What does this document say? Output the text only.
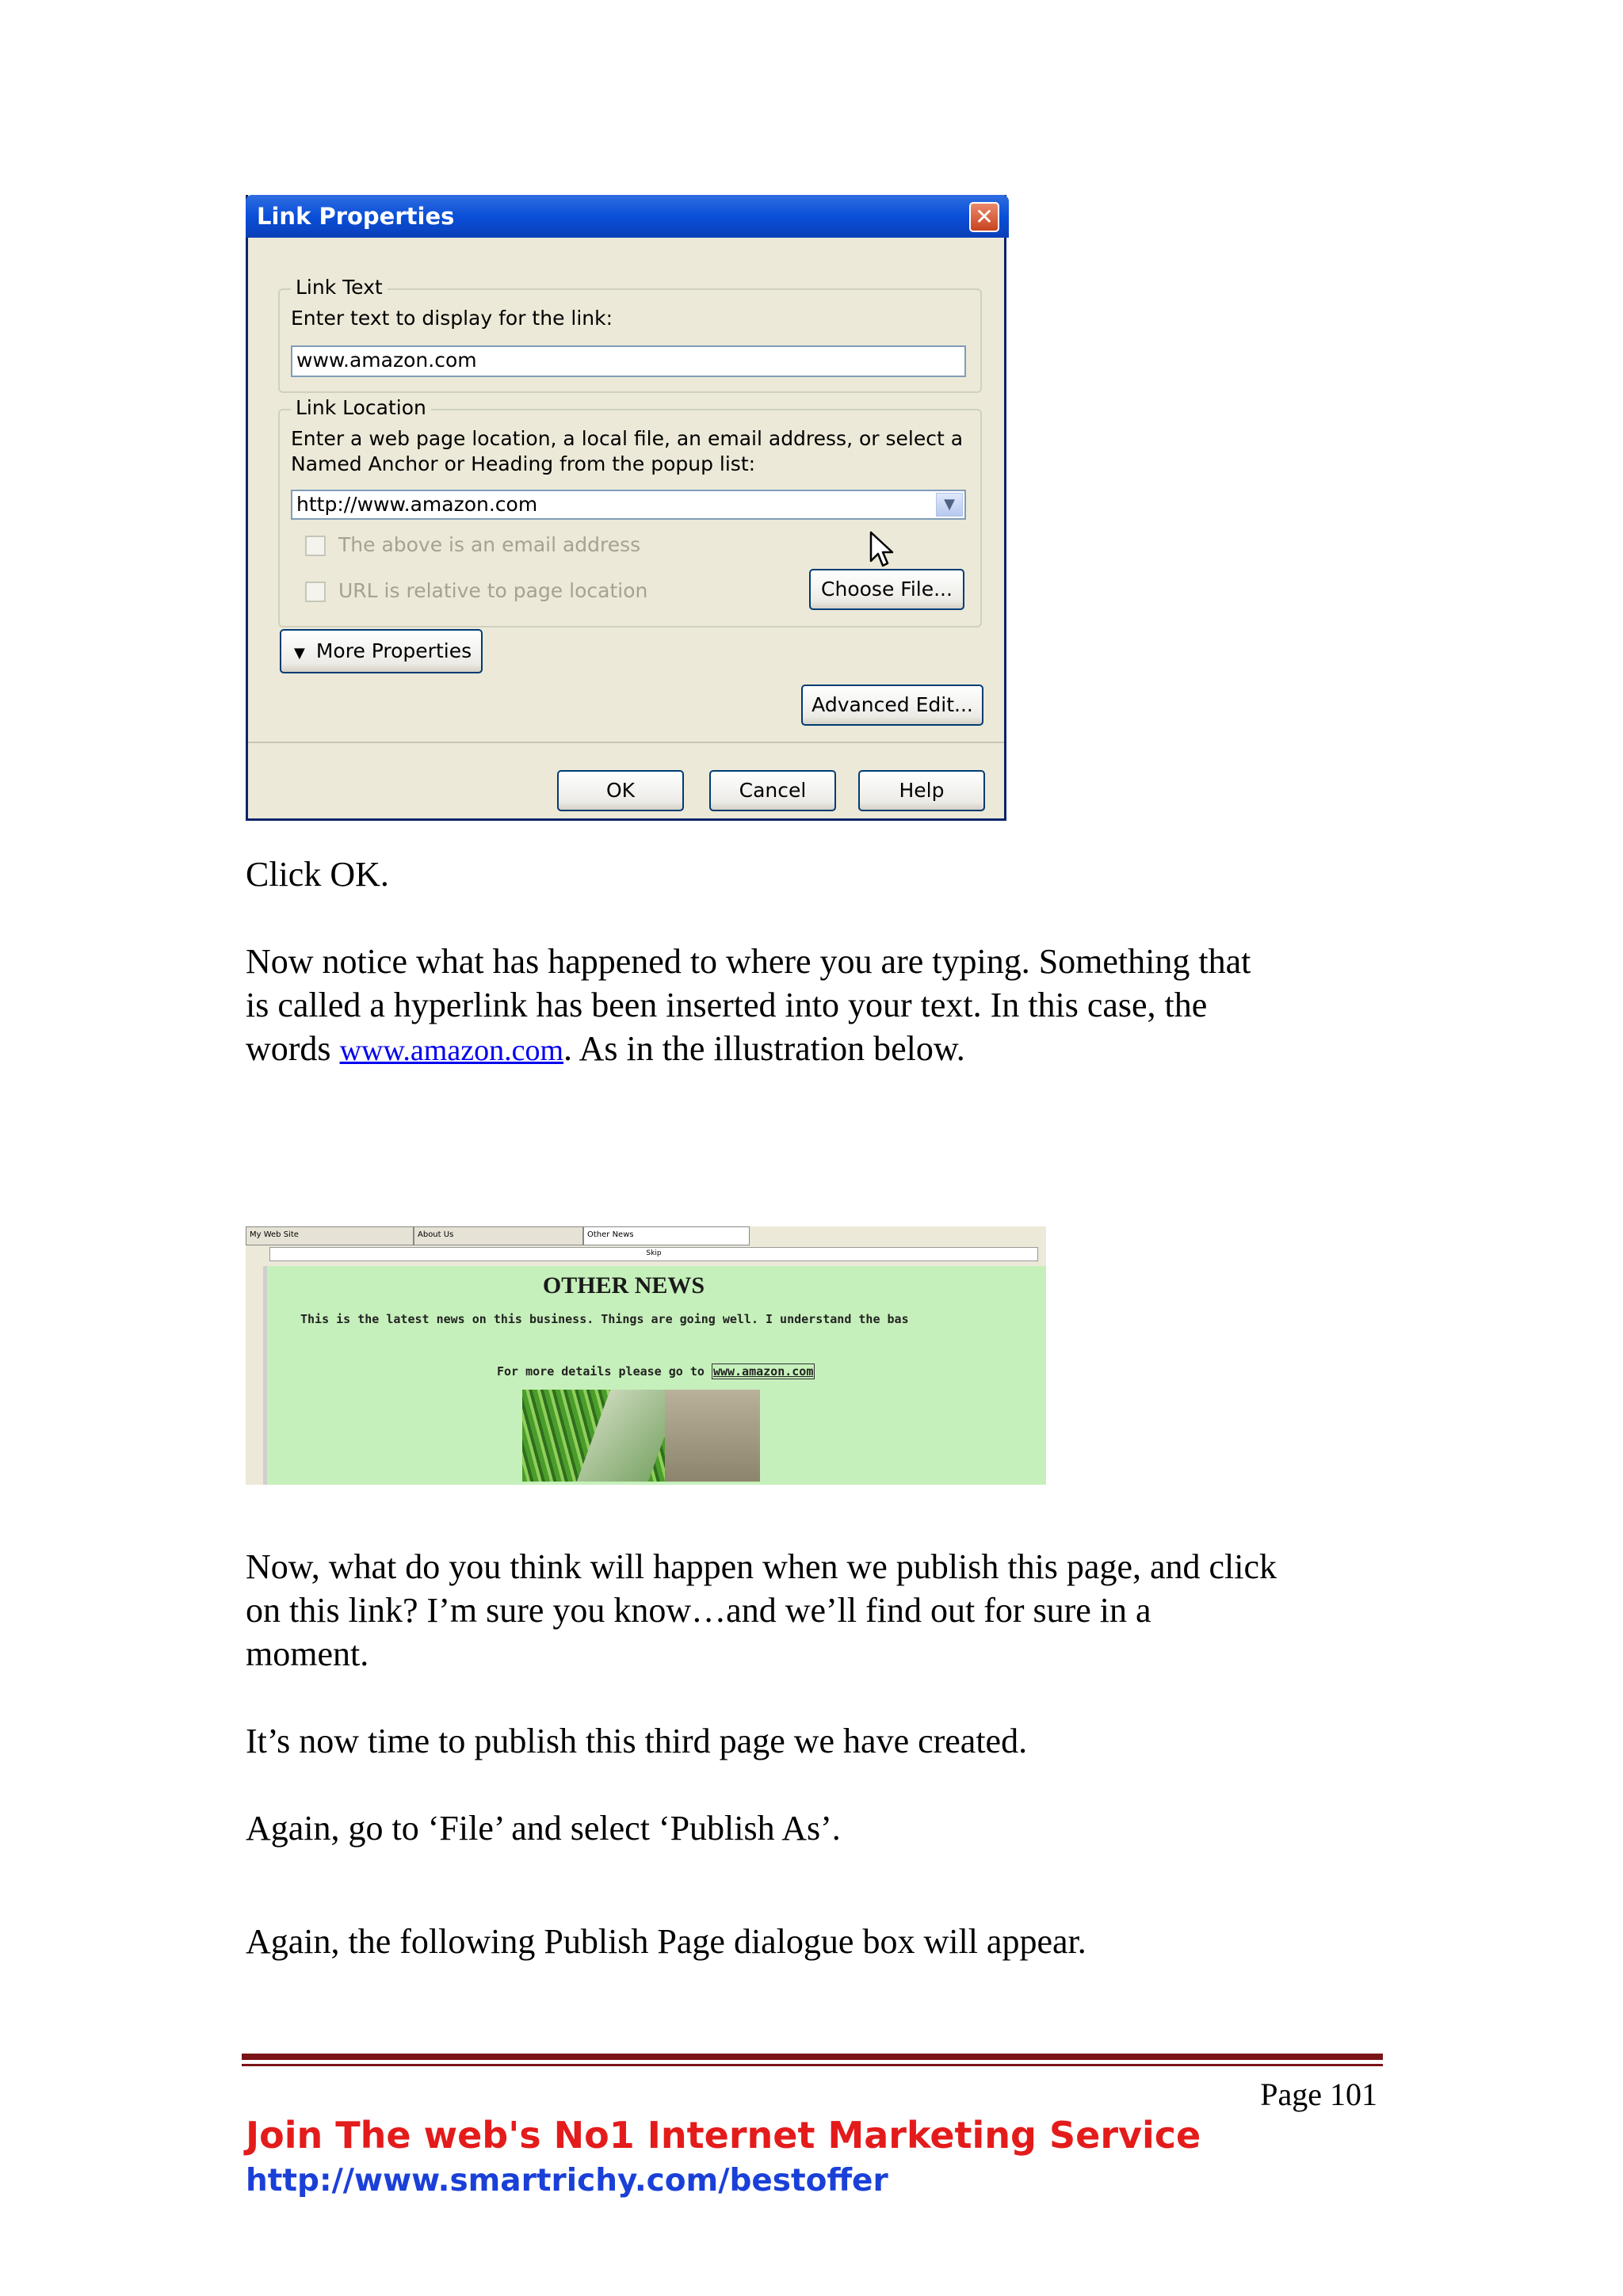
Link Properties	✕
Link Text
Enter text to display for the link:
www.amazon.com
Link Location
Enter a web page location, a local file, an email address, or select a
Named Anchor or Heading from the popup list:
http://www.amazon.com	▼
The above is an email address
URL is relative to page location	Choose File...
▼ More Properties
Advanced Edit...
OK	Cancel	Help
Click OK.
Now notice what has happened to where you are typing. Something that
is called a hyperlink has been inserted into your text. In this case, the
words www.amazon.com. As in the illustration below.
My Web Site	About Us	Other News
Skip
OTHER NEWS
This is the latest news on this business. Things are going well. I understand the bas
For more details please go to www.amazon.com
Now, what do you think will happen when we publish this page, and click
on this link? I’m sure you know…and we’ll find out for sure in a
moment.
It’s now time to publish this third page we have created.
Again, go to ‘File’ and select ‘Publish As’.
Again, the following Publish Page dialogue box will appear.
Page 101
Join The web's No1 Internet Marketing Service
http://www.smartrichy.com/bestoffer
